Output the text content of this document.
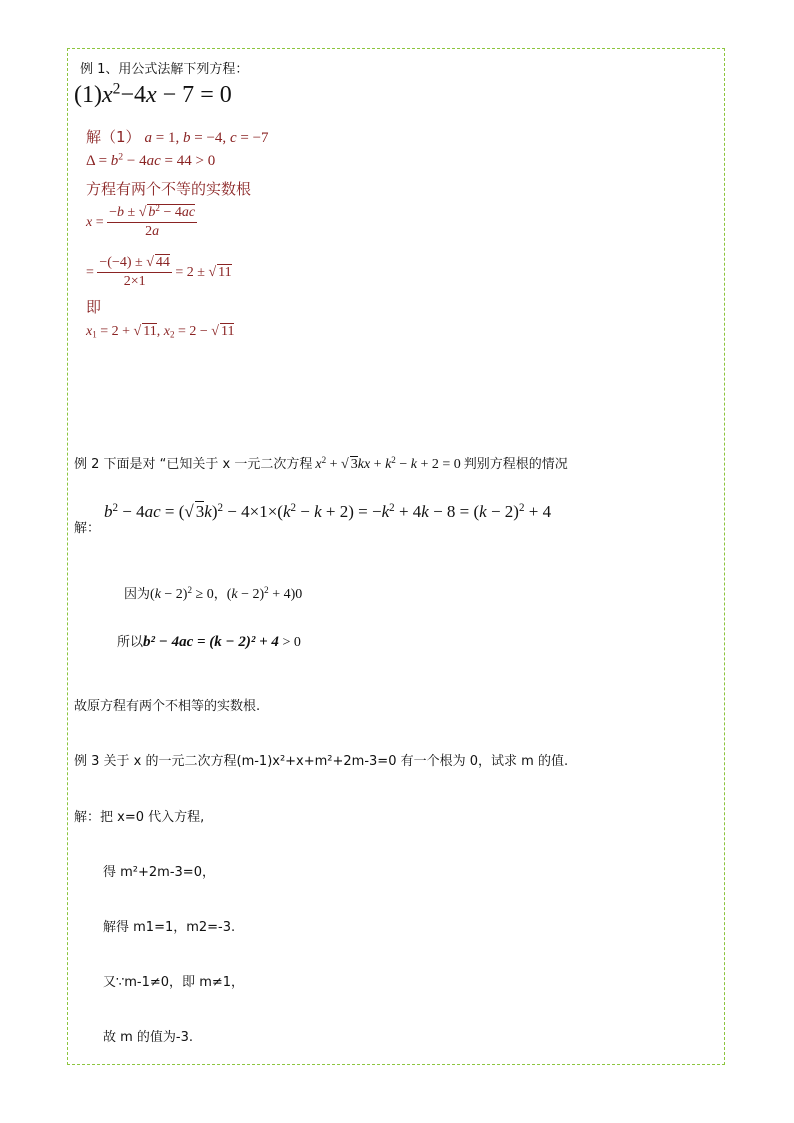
例 1、用公式法解下列方程：
$(1)x^2-4x - 7 = 0$
解（1） a = 1, b = −4, c = −7
$\Delta = b^2 - 4ac = 44 > 0$
方程有两个不等的实数根
$x = \frac{-b \pm √ b^2 - 4ac}{2a}$
= $\frac{-(-4) \pm √ 44}{2\times 1} = 2$ ± √ 11
即
$x_1 = 2$ + √ 11, $x_2 = 2$ − √ 11
例 2 下面是对 “已知关于 x 一元二次方程 $x^2$ + √ $3kx + k^2 - k + 2 = 0$ 判别方程根的情况
解：
$b^2 - 4ac$ = (√ $3k)^2 - 4\times 1\times(k^2 - k + 2) = -k^2 + 4k - 8 = (k - 2)^2 + 4$
因为$(k - 2)^2 \ge 0$，$(k - 2)^2 + 4)0$
所以b² − 4ac = (k − 2)² + 4 > 0
故原方程有两个不相等的实数根.
例 3 关于 x 的一元二次方程(m-1)x²+x+m²+2m-3=0 有一个根为 0，试求 m 的值.
解：把 x=0 代入方程,
得 m²+2m-3=0，
解得 m1=1，m2=-3.
又∵m-1≠0，即 m≠1，
故 m 的值为-3.
